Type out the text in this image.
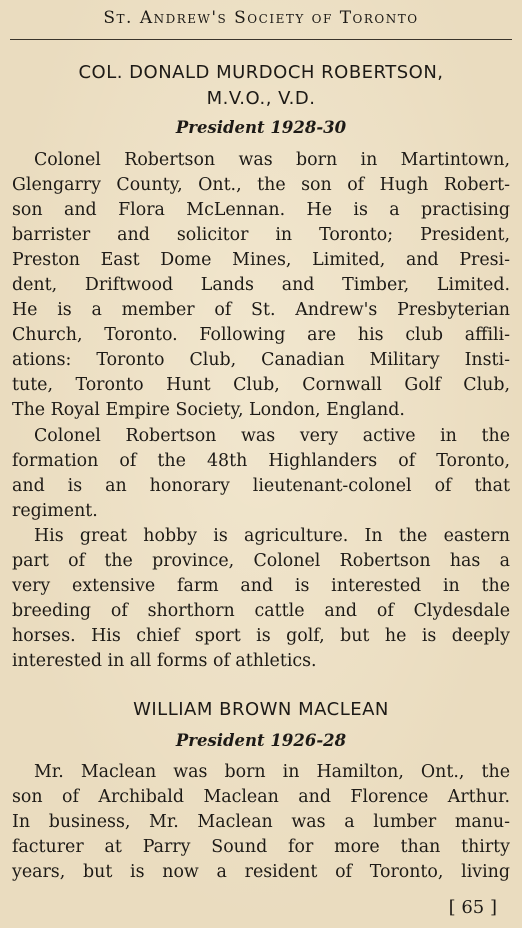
St. Andrew's Society of Toronto
COL. DONALD MURDOCH ROBERTSON,
M.V.O., V.D.
President 1928-30
Colonel Robertson was born in Martintown,
Glengarry County, Ont., the son of Hugh Robert-
son and Flora McLennan. He is a practising
barrister and solicitor in Toronto; President,
Preston East Dome Mines, Limited, and Presi-
dent, Driftwood Lands and Timber, Limited.
He is a member of St. Andrew's Presbyterian
Church, Toronto. Following are his club affili-
ations: Toronto Club, Canadian Military Insti-
tute, Toronto Hunt Club, Cornwall Golf Club,
The Royal Empire Society, London, England.
Colonel Robertson was very active in the
formation of the 48th Highlanders of Toronto,
and is an honorary lieutenant-colonel of that
regiment.
His great hobby is agriculture. In the eastern
part of the province, Colonel Robertson has a
very extensive farm and is interested in the
breeding of shorthorn cattle and of Clydesdale
horses. His chief sport is golf, but he is deeply
interested in all forms of athletics.
WILLIAM BROWN MACLEAN
President 1926-28
Mr. Maclean was born in Hamilton, Ont., the
son of Archibald Maclean and Florence Arthur.
In business, Mr. Maclean was a lumber manu-
facturer at Parry Sound for more than thirty
years, but is now a resident of Toronto, living
[ 65 ]
